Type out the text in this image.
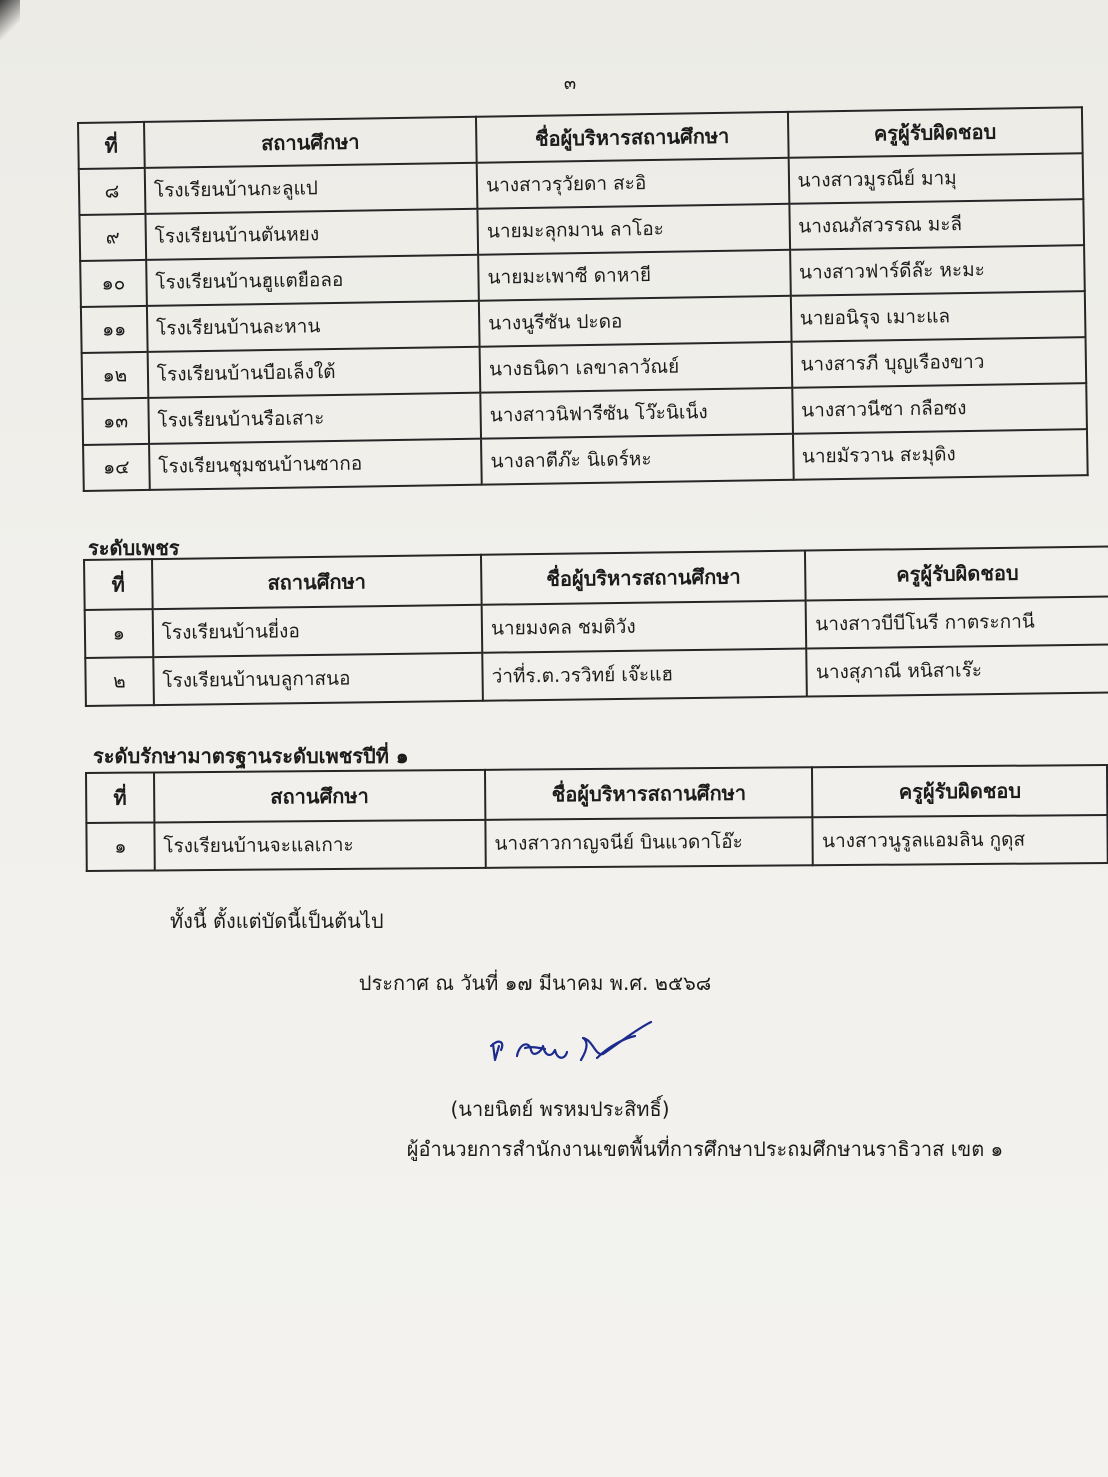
๓
ที่	สถานศึกษา	ชื่อผู้บริหารสถานศึกษา	ครูผู้รับผิดชอบ
๘	โรงเรียนบ้านกะลูแป	นางสาวรุวัยดา สะอิ	นางสาวมูรณีย์ มามุ
๙	โรงเรียนบ้านตันหยง	นายมะลุกมาน ลาโอะ	นางณภัสวรรณ มะลี
๑๐	โรงเรียนบ้านฮูแตยือลอ	นายมะเพาซี ดาหายี	นางสาวฟาร์ดีล๊ะ หะมะ
๑๑	โรงเรียนบ้านละหาน	นางนูรีซัน ปะดอ	นายอนิรุจ เมาะแล
๑๒	โรงเรียนบ้านบือเล็งใต้	นางธนิดา เลขาลาวัณย์	นางสารภี บุญเรืองขาว
๑๓	โรงเรียนบ้านรือเสาะ	นางสาวนิฟารีซัน โว๊ะนิเน็ง	นางสาวนีซา กลือซง
๑๔	โรงเรียนชุมชนบ้านซากอ	นางลาตีภ๊ะ นิเดร์หะ	นายมัรวาน สะมุดิง
ระดับเพชร
ที่	สถานศึกษา	ชื่อผู้บริหารสถานศึกษา	ครูผู้รับผิดชอบ
๑	โรงเรียนบ้านยี่งอ	นายมงคล ชมติวัง	นางสาวบีบีโนรี กาตระกานี
๒	โรงเรียนบ้านบลูกาสนอ	ว่าที่ร.ต.วรวิทย์ เจ๊ะแฮ	นางสุภาณี หนิสาเร๊ะ
ระดับรักษามาตรฐานระดับเพชรปีที่ ๑
ที่	สถานศึกษา	ชื่อผู้บริหารสถานศึกษา	ครูผู้รับผิดชอบ
๑	โรงเรียนบ้านจะแลเกาะ	นางสาวกาญจนีย์ บินแวดาโอ๊ะ	นางสาวนูรูลแอมลิน กูดุส
ทั้งนี้ ตั้งแต่บัดนี้เป็นต้นไป
ประกาศ ณ วันที่ ๑๗ มีนาคม พ.ศ. ๒๕๖๘
(นายนิตย์ พรหมประสิทธิ์)
ผู้อำนวยการสำนักงานเขตพื้นที่การศึกษาประถมศึกษานราธิวาส เขต ๑
